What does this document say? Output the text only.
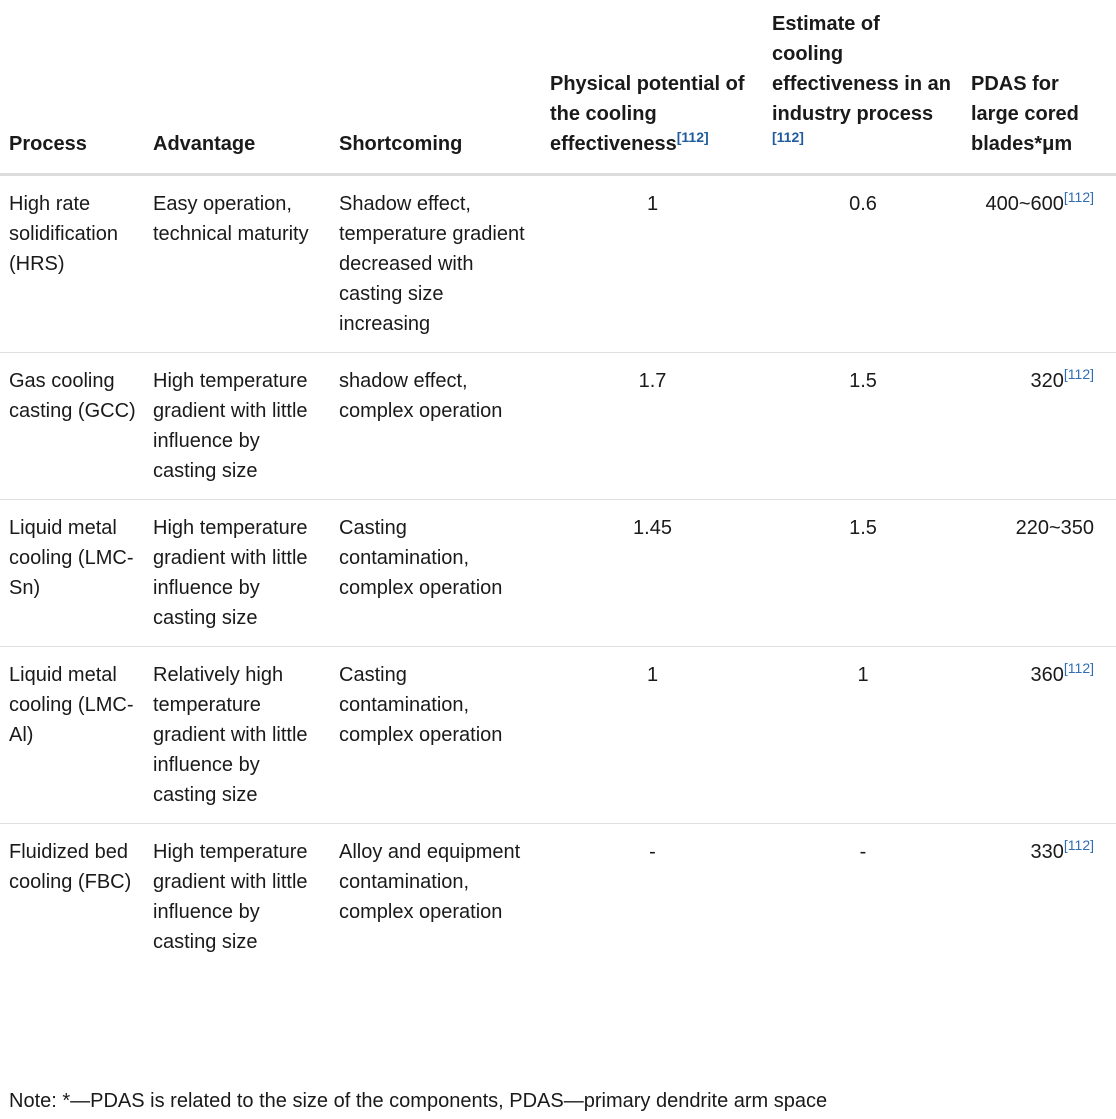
Process	Advantage	Shortcoming	Physical potential of the cooling effectiveness[112]	Estimate of cooling effectiveness in an industry process [112]	PDAS for large cored blades*μm
High rate solidification (HRS)	Easy operation, technical maturity	Shadow effect, temperature gradient decreased with casting size increasing	1	0.6	400~600[112]
Gas cooling casting (GCC)	High temperature gradient with little influence by casting size	shadow effect, complex operation	1.7	1.5	320[112]
Liquid metal cooling (LMC-Sn)	High temperature gradient with little influence by casting size	Casting contamination, complex operation	1.45	1.5	220~350
Liquid metal cooling (LMC-Al)	Relatively high temperature gradient with little influence by casting size	Casting contamination, complex operation	1	1	360[112]
Fluidized bed cooling (FBC)	High temperature gradient with little influence by casting size	Alloy and equipment contamination, complex operation	-	-	330[112]
Note: *—PDAS is related to the size of the components, PDAS—primary dendrite arm space
